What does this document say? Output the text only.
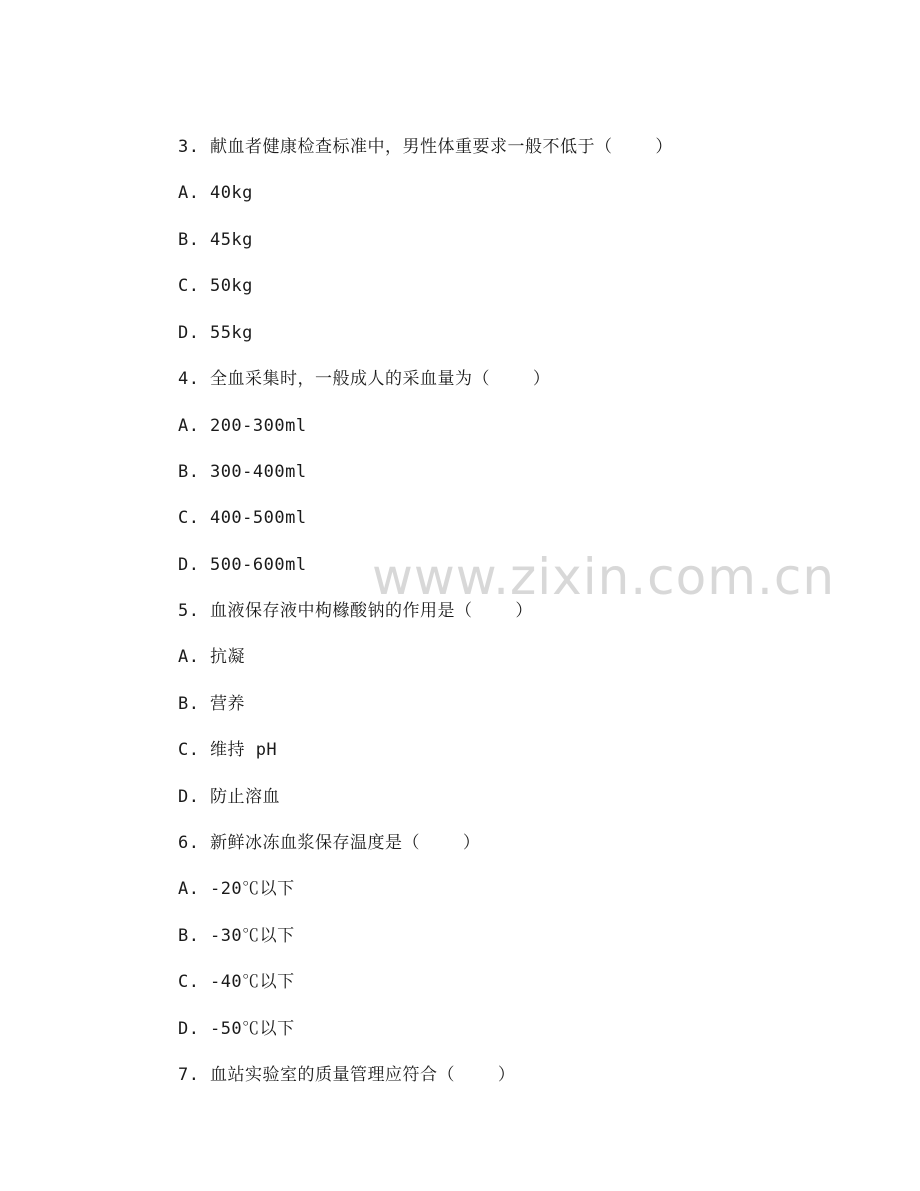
www.zixin.com.cn

3. 献血者健康检查标准中，男性体重要求一般不低于（    ）

A. 40kg

B. 45kg

C. 50kg

D. 55kg

4. 全血采集时，一般成人的采血量为（    ）

A. 200-300ml

B. 300-400ml

C. 400-500ml

D. 500-600ml

5. 血液保存液中枸橼酸钠的作用是（    ）

A. 抗凝

B. 营养

C. 维持 pH

D. 防止溶血

6. 新鲜冰冻血浆保存温度是（    ）

A. -20℃以下

B. -30℃以下

C. -40℃以下

D. -50℃以下

7. 血站实验室的质量管理应符合（    ）
